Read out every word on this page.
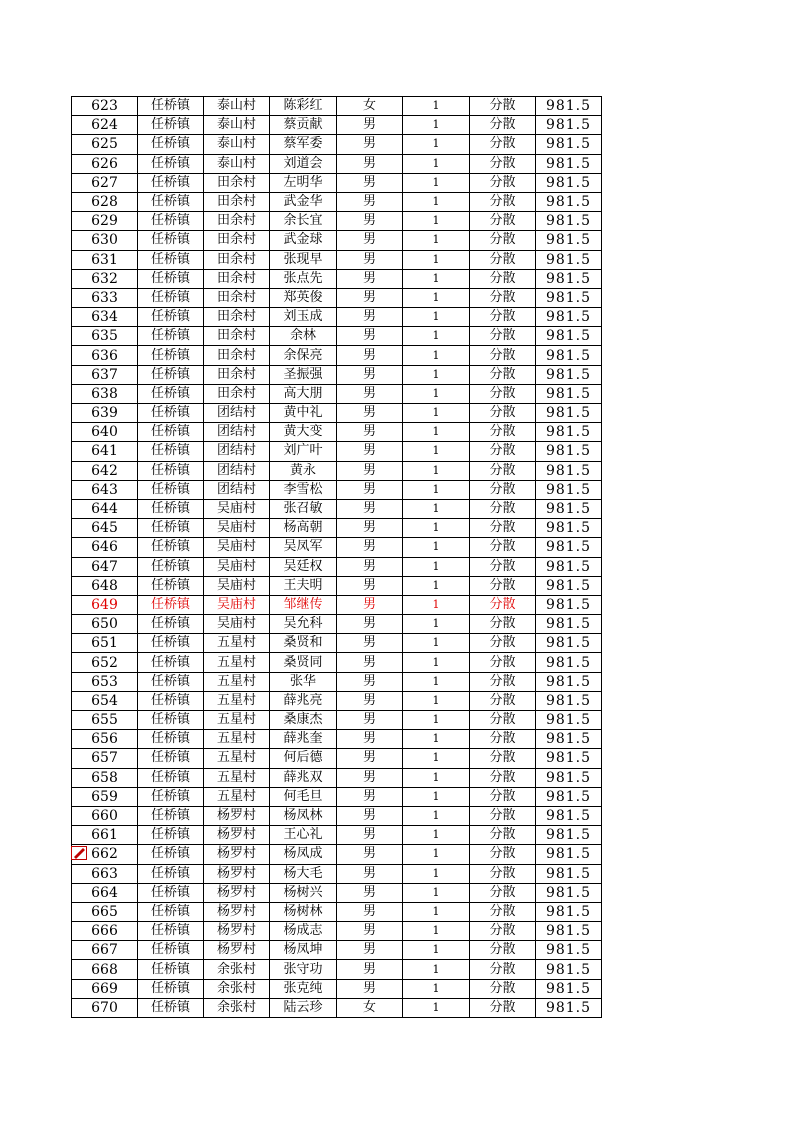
623	任桥镇	泰山村	陈彩红	女	1	分散	981.5
624	任桥镇	泰山村	蔡贡献	男	1	分散	981.5
625	任桥镇	泰山村	蔡军委	男	1	分散	981.5
626	任桥镇	泰山村	刘道会	男	1	分散	981.5
627	任桥镇	田余村	左明华	男	1	分散	981.5
628	任桥镇	田余村	武金华	男	1	分散	981.5
629	任桥镇	田余村	余长宜	男	1	分散	981.5
630	任桥镇	田余村	武金球	男	1	分散	981.5
631	任桥镇	田余村	张现早	男	1	分散	981.5
632	任桥镇	田余村	张点先	男	1	分散	981.5
633	任桥镇	田余村	郑英俊	男	1	分散	981.5
634	任桥镇	田余村	刘玉成	男	1	分散	981.5
635	任桥镇	田余村	余林	男	1	分散	981.5
636	任桥镇	田余村	余保亮	男	1	分散	981.5
637	任桥镇	田余村	圣振强	男	1	分散	981.5
638	任桥镇	田余村	高大朋	男	1	分散	981.5
639	任桥镇	团结村	黄中礼	男	1	分散	981.5
640	任桥镇	团结村	黄大变	男	1	分散	981.5
641	任桥镇	团结村	刘广叶	男	1	分散	981.5
642	任桥镇	团结村	黄永	男	1	分散	981.5
643	任桥镇	团结村	李雪松	男	1	分散	981.5
644	任桥镇	吴庙村	张召敏	男	1	分散	981.5
645	任桥镇	吴庙村	杨高朝	男	1	分散	981.5
646	任桥镇	吴庙村	吴凤军	男	1	分散	981.5
647	任桥镇	吴庙村	吴廷权	男	1	分散	981.5
648	任桥镇	吴庙村	王夫明	男	1	分散	981.5
649	任桥镇	吴庙村	邹继传	男	1	分散	981.5
650	任桥镇	吴庙村	吴允科	男	1	分散	981.5
651	任桥镇	五星村	桑贤和	男	1	分散	981.5
652	任桥镇	五星村	桑贤同	男	1	分散	981.5
653	任桥镇	五星村	张华	男	1	分散	981.5
654	任桥镇	五星村	薛兆亮	男	1	分散	981.5
655	任桥镇	五星村	桑康杰	男	1	分散	981.5
656	任桥镇	五星村	薛兆奎	男	1	分散	981.5
657	任桥镇	五星村	何后德	男	1	分散	981.5
658	任桥镇	五星村	薛兆双	男	1	分散	981.5
659	任桥镇	五星村	何毛旦	男	1	分散	981.5
660	任桥镇	杨罗村	杨凤林	男	1	分散	981.5
661	任桥镇	杨罗村	王心礼	男	1	分散	981.5
662	任桥镇	杨罗村	杨凤成	男	1	分散	981.5
663	任桥镇	杨罗村	杨大毛	男	1	分散	981.5
664	任桥镇	杨罗村	杨树兴	男	1	分散	981.5
665	任桥镇	杨罗村	杨树林	男	1	分散	981.5
666	任桥镇	杨罗村	杨成志	男	1	分散	981.5
667	任桥镇	杨罗村	杨凤坤	男	1	分散	981.5
668	任桥镇	余张村	张守功	男	1	分散	981.5
669	任桥镇	余张村	张克纯	男	1	分散	981.5
670	任桥镇	余张村	陆云珍	女	1	分散	981.5
